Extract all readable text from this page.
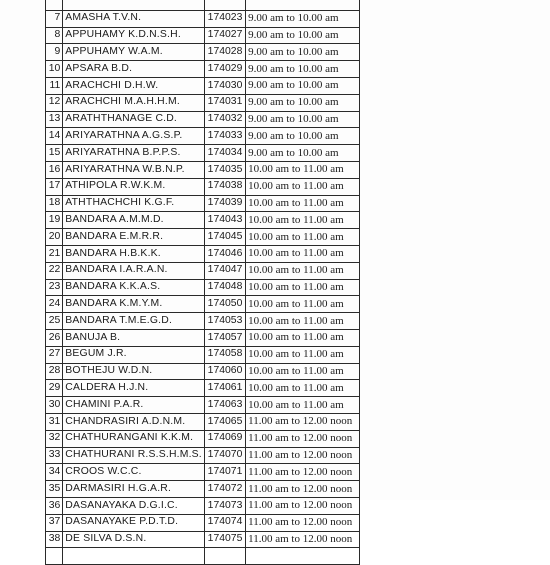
7	AMASHA T.V.N.	174023	9.00 am to 10.00 am
8	APPUHAMY K.D.N.S.H.	174027	9.00 am to 10.00 am
9	APPUHAMY W.A.M.	174028	9.00 am to 10.00 am
10	APSARA B.D.	174029	9.00 am to 10.00 am
11	ARACHCHI D.H.W.	174030	9.00 am to 10.00 am
12	ARACHCHI M.A.H.H.M.	174031	9.00 am to 10.00 am
13	ARATHTHANAGE C.D.	174032	9.00 am to 10.00 am
14	ARIYARATHNA A.G.S.P.	174033	9.00 am to 10.00 am
15	ARIYARATHNA B.P.P.S.	174034	9.00 am to 10.00 am
16	ARIYARATHNA W.B.N.P.	174035	10.00 am to 11.00 am
17	ATHIPOLA R.W.K.M.	174038	10.00 am to 11.00 am
18	ATHTHACHCHI K.G.F.	174039	10.00 am to 11.00 am
19	BANDARA A.M.M.D.	174043	10.00 am to 11.00 am
20	BANDARA E.M.R.R.	174045	10.00 am to 11.00 am
21	BANDARA H.B.K.K.	174046	10.00 am to 11.00 am
22	BANDARA I.A.R.A.N.	174047	10.00 am to 11.00 am
23	BANDARA K.K.A.S.	174048	10.00 am to 11.00 am
24	BANDARA K.M.Y.M.	174050	10.00 am to 11.00 am
25	BANDARA T.M.E.G.D.	174053	10.00 am to 11.00 am
26	BANUJA B.	174057	10.00 am to 11.00 am
27	BEGUM J.R.	174058	10.00 am to 11.00 am
28	BOTHEJU W.D.N.	174060	10.00 am to 11.00 am
29	CALDERA H.J.N.	174061	10.00 am to 11.00 am
30	CHAMINI P.A.R.	174063	10.00 am to 11.00 am
31	CHANDRASIRI A.D.N.M.	174065	11.00 am to 12.00 noon
32	CHATHURANGANI K.K.M.	174069	11.00 am to 12.00 noon
33	CHATHURANI R.S.S.H.M.S.	174070	11.00 am to 12.00 noon
34	CROOS W.C.C.	174071	11.00 am to 12.00 noon
35	DARMASIRI H.G.A.R.	174072	11.00 am to 12.00 noon
36	DASANAYAKA D.G.I.C.	174073	11.00 am to 12.00 noon
37	DASANAYAKE P.D.T.D.	174074	11.00 am to 12.00 noon
38	DE SILVA D.S.N.	174075	11.00 am to 12.00 noon
